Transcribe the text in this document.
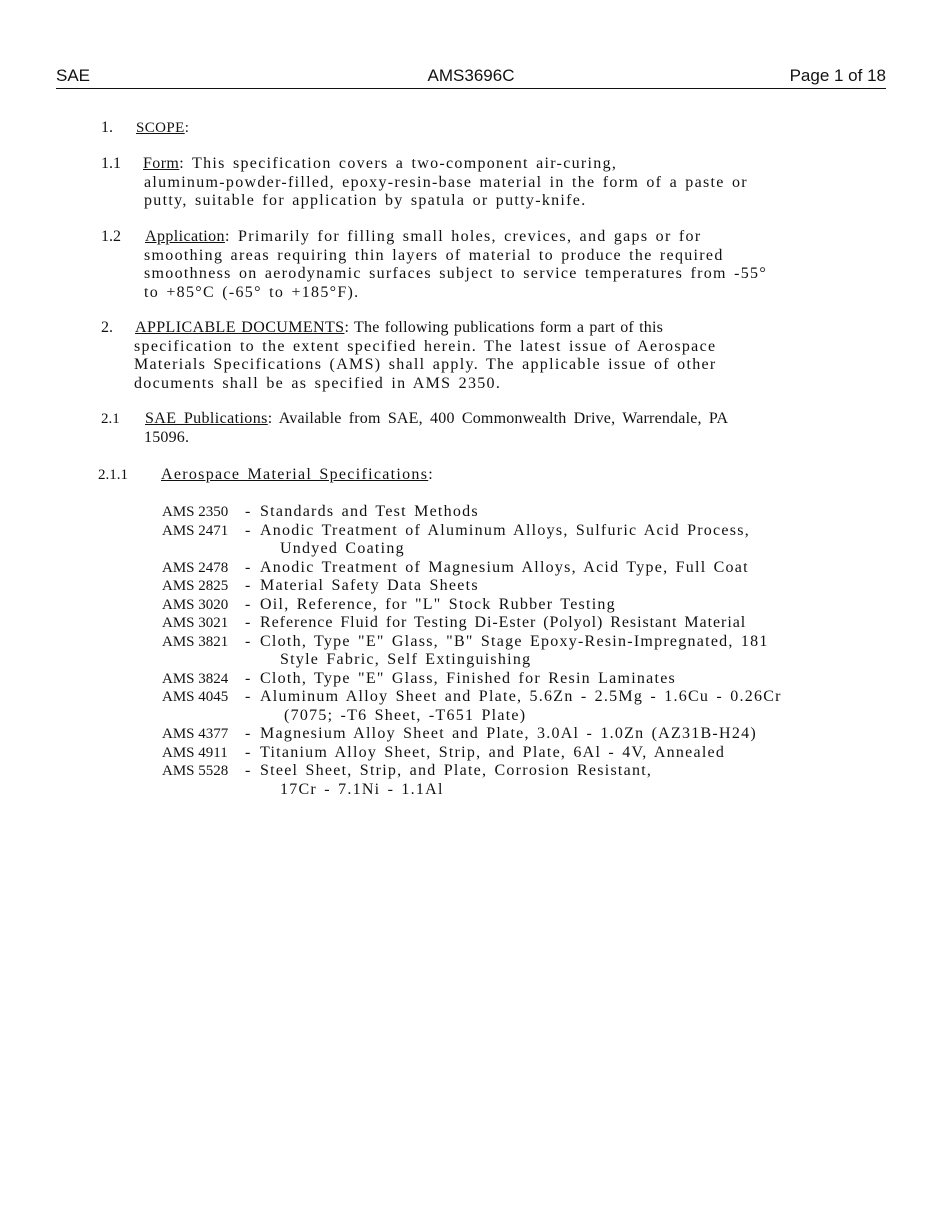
SAE	AMS3696C	Page 1 of 18
1. SCOPE:
1.1 Form: This specification covers a two-component air-curing,
aluminum-powder-filled, epoxy-resin-base material in the form of a paste or
putty, suitable for application by spatula or putty-knife.
1.2 Application: Primarily for filling small holes, crevices, and gaps or for
smoothing areas requiring thin layers of material to produce the required
smoothness on aerodynamic surfaces subject to service temperatures from -55°
to +85°C (-65° to +185°F).
2. APPLICABLE DOCUMENTS: The following publications form a part of this
specification to the extent specified herein. The latest issue of Aerospace
Materials Specifications (AMS) shall apply. The applicable issue of other
documents shall be as specified in AMS 2350.
2.1 SAE Publications: Available from SAE, 400 Commonwealth Drive, Warrendale, PA
15096.
2.1.1 Aerospace Material Specifications:
AMS 2350	- Standards and Test Methods
AMS 2471	- Anodic Treatment of Aluminum Alloys, Sulfuric Acid Process,
Undyed Coating
AMS 2478	- Anodic Treatment of Magnesium Alloys, Acid Type, Full Coat
AMS 2825	- Material Safety Data Sheets
AMS 3020	- Oil, Reference, for "L" Stock Rubber Testing
AMS 3021	- Reference Fluid for Testing Di-Ester (Polyol) Resistant Material
AMS 3821	- Cloth, Type "E" Glass, "B" Stage Epoxy-Resin-Impregnated, 181
Style Fabric, Self Extinguishing
AMS 3824	- Cloth, Type "E" Glass, Finished for Resin Laminates
AMS 4045	- Aluminum Alloy Sheet and Plate, 5.6Zn - 2.5Mg - 1.6Cu - 0.26Cr
(7075; -T6 Sheet, -T651 Plate)
AMS 4377	- Magnesium Alloy Sheet and Plate, 3.0Al - 1.0Zn (AZ31B-H24)
AMS 4911	- Titanium Alloy Sheet, Strip, and Plate, 6Al - 4V, Annealed
AMS 5528	- Steel Sheet, Strip, and Plate, Corrosion Resistant,
17Cr - 7.1Ni - 1.1Al
